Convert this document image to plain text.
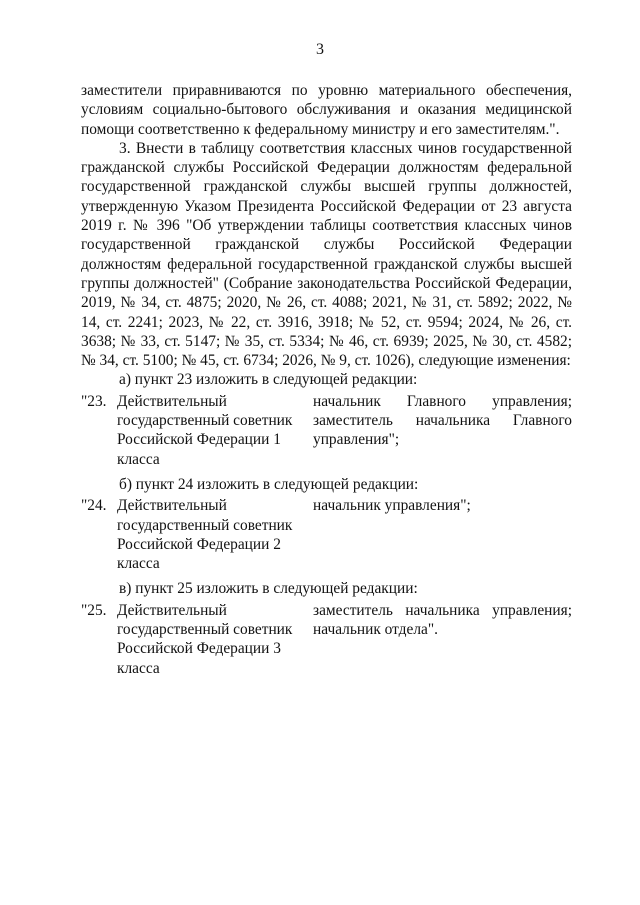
3

заместители приравниваются по уровню материального обеспечения, условиям социально-бытового обслуживания и оказания медицинской помощи соответственно к федеральному министру и его заместителям.".

3. Внести в таблицу соответствия классных чинов государственной гражданской службы Российской Федерации должностям федеральной государственной гражданской службы высшей группы должностей, утвержденную Указом Президента Российской Федерации от 23 августа 2019 г. № 396 "Об утверждении таблицы соответствия классных чинов государственной гражданской службы Российской Федерации должностям федеральной государственной гражданской службы высшей группы должностей" (Собрание законодательства Российской Федерации, 2019, № 34, ст. 4875; 2020, № 26, ст. 4088; 2021, № 31, ст. 5892; 2022, № 14, ст. 2241; 2023, № 22, ст. 3916, 3918; № 52, ст. 9594; 2024, № 26, ст. 3638; № 33, ст. 5147; № 35, ст. 5334; № 46, ст. 6939; 2025, № 30, ст. 4582; № 34, ст. 5100; № 45, ст. 6734; 2026, № 9, ст. 1026), следующие изменения:

а) пункт 23 изложить в следующей редакции:

"23. Действительный государственный советник Российской Федерации 1 класса
начальник Главного управления; заместитель начальника Главного управления";

б) пункт 24 изложить в следующей редакции:

"24. Действительный государственный советник Российской Федерации 2 класса
начальник управления";

в) пункт 25 изложить в следующей редакции:

"25. Действительный государственный советник Российской Федерации 3 класса
заместитель начальника управления; начальник отдела".
